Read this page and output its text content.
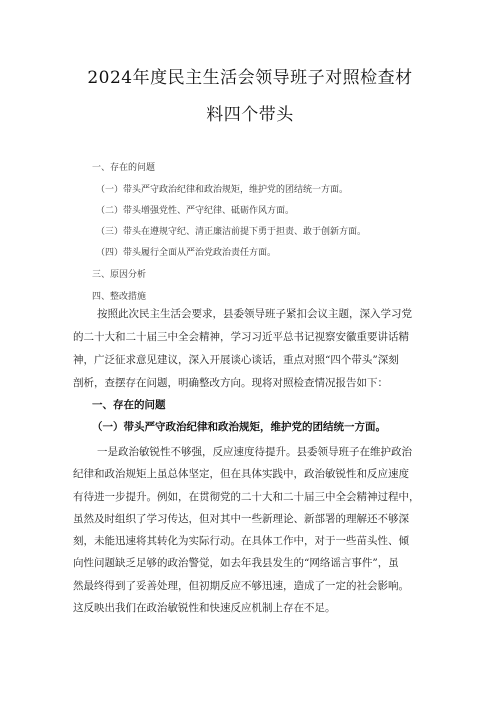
2024年度民主生活会领导班子对照检查材
料四个带头
一、存在的问题
（一）带头严守政治纪律和政治规矩，维护党的团结统一方面。
（二）带头增强党性、严守纪律、砥砺作风方面。
（三）带头在遵规守纪、清正廉洁前提下勇于担责、敢于创新方面。
（四）带头履行全面从严治党政治责任方面。
三、原因分析
四、整改措施
按照此次民主生活会要求，县委领导班子紧扣会议主题，深入学习党
的二十大和二十届三中全会精神，学习习近平总书记视察安徽重要讲话精
神，广泛征求意见建议，深入开展谈心谈话，重点对照“四个带头”深刻
剖析，查摆存在问题，明确整改方向。现将对照检查情况报告如下：
一、存在的问题
（一）带头严守政治纪律和政治规矩，维护党的团结统一方面。
一是政治敏锐性不够强，反应速度待提升。县委领导班子在维护政治
纪律和政治规矩上虽总体坚定，但在具体实践中，政治敏锐性和反应速度
有待进一步提升。例如，在贯彻党的二十大和二十届三中全会精神过程中，
虽然及时组织了学习传达，但对其中一些新理论、新部署的理解还不够深
刻，未能迅速将其转化为实际行动。在具体工作中，对于一些苗头性、倾
向性问题缺乏足够的政治警觉，如去年我县发生的“网络谣言事件”，虽
然最终得到了妥善处理，但初期反应不够迅速，造成了一定的社会影响。
这反映出我们在政治敏锐性和快速反应机制上存在不足。
